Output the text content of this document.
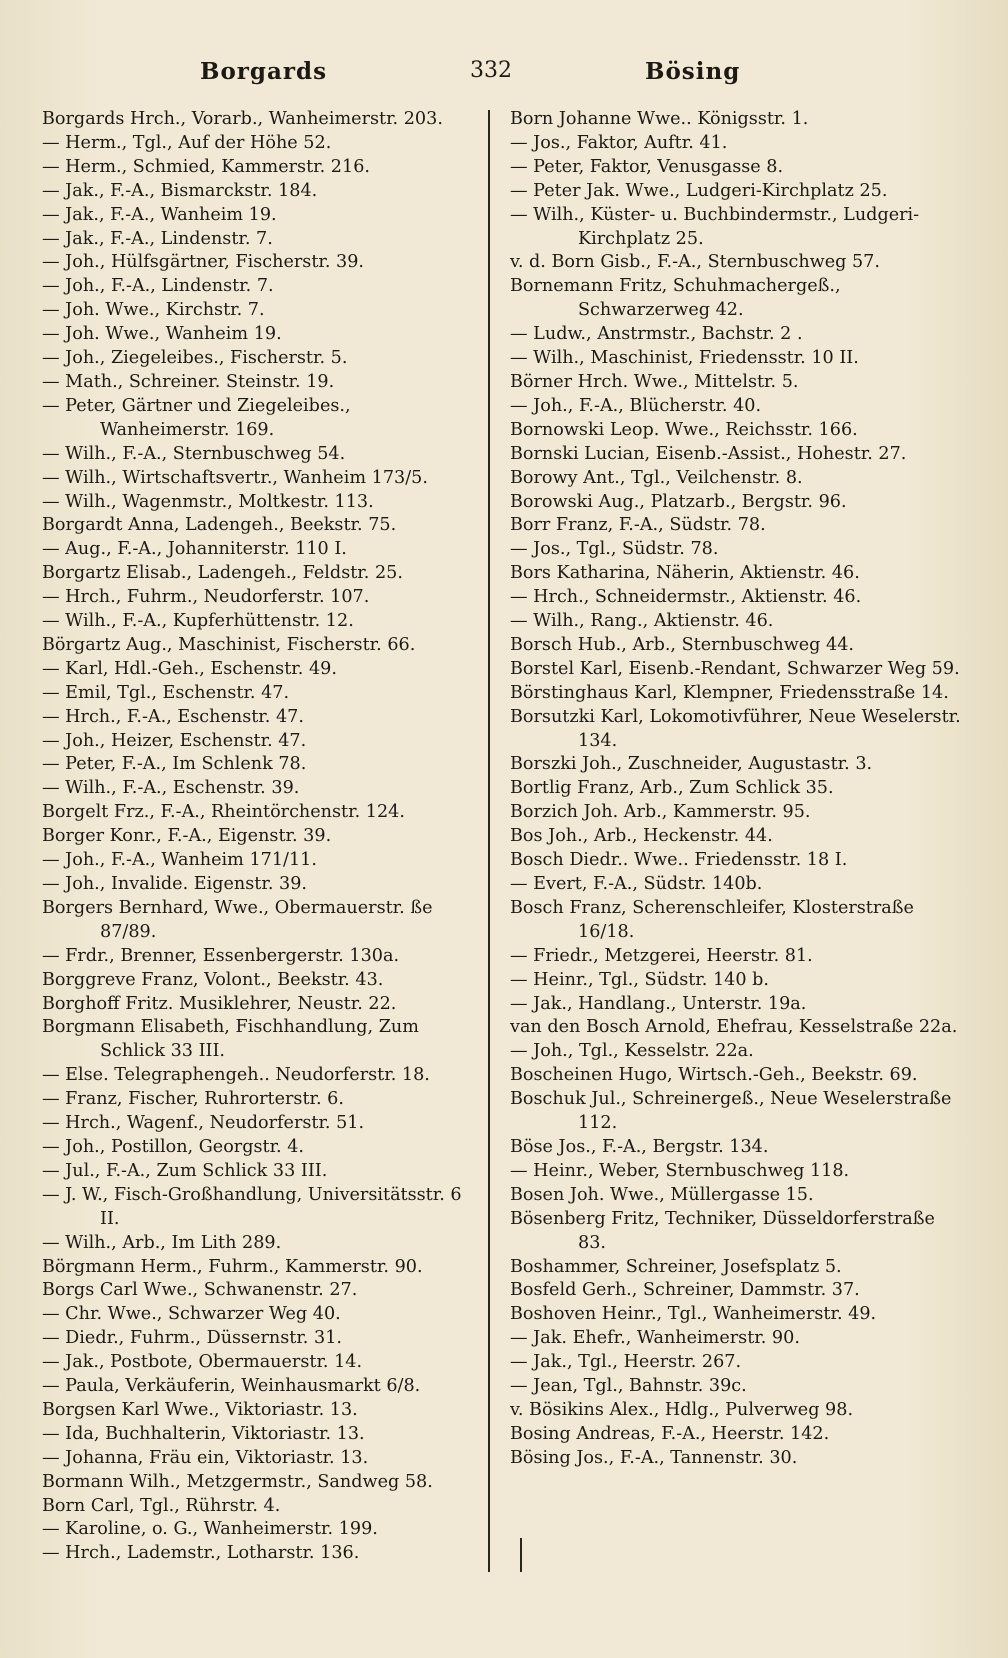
Borgards	332	Bösing
Borgards Hrch., Vorarb., Wanheimerstr. 203.
— Herm., Tgl., Auf der Höhe 52.
— Herm., Schmied, Kammerstr. 216.
— Jak., F.-A., Bismarckstr. 184.
— Jak., F.-A., Wanheim 19.
— Jak., F.-A., Lindenstr. 7.
— Joh., Hülfsgärtner, Fischerstr. 39.
— Joh., F.-A., Lindenstr. 7.
— Joh. Wwe., Kirchstr. 7.
— Joh. Wwe., Wanheim 19.
— Joh., Ziegeleibes., Fischerstr. 5.
— Math., Schreiner. Steinstr. 19.
— Peter, Gärtner und Ziegeleibes., Wanheimerstr. 169.
— Wilh., F.-A., Sternbuschweg 54.
— Wilh., Wirtschaftsvertr., Wanheim 173/5.
— Wilh., Wagenmstr., Moltkestr. 113.
Borgardt Anna, Ladengeh., Beekstr. 75.
— Aug., F.-A., Johanniterstr. 110 I.
Borgartz Elisab., Ladengeh., Feldstr. 25.
— Hrch., Fuhrm., Neudorferstr. 107.
— Wilh., F.-A., Kupferhüttenstr. 12.
Börgartz Aug., Maschinist, Fischerstr. 66.
— Karl, Hdl.-Geh., Eschenstr. 49.
— Emil, Tgl., Eschenstr. 47.
— Hrch., F.-A., Eschenstr. 47.
— Joh., Heizer, Eschenstr. 47.
— Peter, F.-A., Im Schlenk 78.
— Wilh., F.-A., Eschenstr. 39.
Borgelt Frz., F.-A., Rheintörchenstr. 124.
Borger Konr., F.-A., Eigenstr. 39.
— Joh., F.-A., Wanheim 171/11.
— Joh., Invalide. Eigenstr. 39.
Borgers Bernhard, Wwe., Obermauerstr. ße 87/89.
— Frdr., Brenner, Essenbergerstr. 130a.
Borggreve Franz, Volont., Beekstr. 43.
Borghoff Fritz. Musiklehrer, Neustr. 22.
Borgmann Elisabeth, Fischhandlung, Zum Schlick 33 III.
— Else. Telegraphengeh.. Neudorferstr. 18.
— Franz, Fischer, Ruhrorterstr. 6.
— Hrch., Wagenf., Neudorferstr. 51.
— Joh., Postillon, Georgstr. 4.
— Jul., F.-A., Zum Schlick 33 III.
— J. W., Fisch-Großhandlung, Universitätsstr. 6 II.
— Wilh., Arb., Im Lith 289.
Börgmann Herm., Fuhrm., Kammerstr. 90.
Borgs Carl Wwe., Schwanenstr. 27.
— Chr. Wwe., Schwarzer Weg 40.
— Diedr., Fuhrm., Düssernstr. 31.
— Jak., Postbote, Obermauerstr. 14.
— Paula, Verkäuferin, Weinhausmarkt 6/8.
Borgsen Karl Wwe., Viktoriastr. 13.
— Ida, Buchhalterin, Viktoriastr. 13.
— Johanna, Fräu ein, Viktoriastr. 13.
Bormann Wilh., Metzgermstr., Sandweg 58.
Born Carl, Tgl., Rührstr. 4.
— Karoline, o. G., Wanheimerstr. 199.
— Hrch., Lademstr., Lotharstr. 136.
Born Johanne Wwe.. Königsstr. 1.
— Jos., Faktor, Auftr. 41.
— Peter, Faktor, Venusgasse 8.
— Peter Jak. Wwe., Ludgeri-Kirchplatz 25.
— Wilh., Küster- u. Buchbindermstr., Ludgeri-Kirchplatz 25.
v. d. Born Gisb., F.-A., Sternbuschweg 57.
Bornemann Fritz, Schuhmachergeß., Schwarzerweg 42.
— Ludw., Anstrmstr., Bachstr. 2 .
— Wilh., Maschinist, Friedensstr. 10 II.
Börner Hrch. Wwe., Mittelstr. 5.
— Joh., F.-A., Blücherstr. 40.
Bornowski Leop. Wwe., Reichsstr. 166.
Bornski Lucian, Eisenb.-Assist., Hohestr. 27.
Borowy Ant., Tgl., Veilchenstr. 8.
Borowski Aug., Platzarb., Bergstr. 96.
Borr Franz, F.-A., Südstr. 78.
— Jos., Tgl., Südstr. 78.
Bors Katharina, Näherin, Aktienstr. 46.
— Hrch., Schneidermstr., Aktienstr. 46.
— Wilh., Rang., Aktienstr. 46.
Borsch Hub., Arb., Sternbuschweg 44.
Borstel Karl, Eisenb.-Rendant, Schwarzer Weg 59.
Börstinghaus Karl, Klempner, Friedensstraße 14.
Borsutzki Karl, Lokomotivführer, Neue Weselerstr. 134.
Borszki Joh., Zuschneider, Augustastr. 3.
Bortlig Franz, Arb., Zum Schlick 35.
Borzich Joh. Arb., Kammerstr. 95.
Bos Joh., Arb., Heckenstr. 44.
Bosch Diedr.. Wwe.. Friedensstr. 18 I.
— Evert, F.-A., Südstr. 140b.
Bosch Franz, Scherenschleifer, Klosterstraße 16/18.
— Friedr., Metzgerei, Heerstr. 81.
— Heinr., Tgl., Südstr. 140 b.
— Jak., Handlang., Unterstr. 19a.
van den Bosch Arnold, Ehefrau, Kesselstraße 22a.
— Joh., Tgl., Kesselstr. 22a.
Boscheinen Hugo, Wirtsch.-Geh., Beekstr. 69.
Boschuk Jul., Schreinergeß., Neue Weselerstraße 112.
Böse Jos., F.-A., Bergstr. 134.
— Heinr., Weber, Sternbuschweg 118.
Bosen Joh. Wwe., Müllergasse 15.
Bösenberg Fritz, Techniker, Düsseldorferstraße 83.
Boshammer, Schreiner, Josefsplatz 5.
Bosfeld Gerh., Schreiner, Dammstr. 37.
Boshoven Heinr., Tgl., Wanheimerstr. 49.
— Jak. Ehefr., Wanheimerstr. 90.
— Jak., Tgl., Heerstr. 267.
— Jean, Tgl., Bahnstr. 39c.
v. Bösikins Alex., Hdlg., Pulverweg 98.
Bosing Andreas, F.-A., Heerstr. 142.
Bösing Jos., F.-A., Tannenstr. 30.
